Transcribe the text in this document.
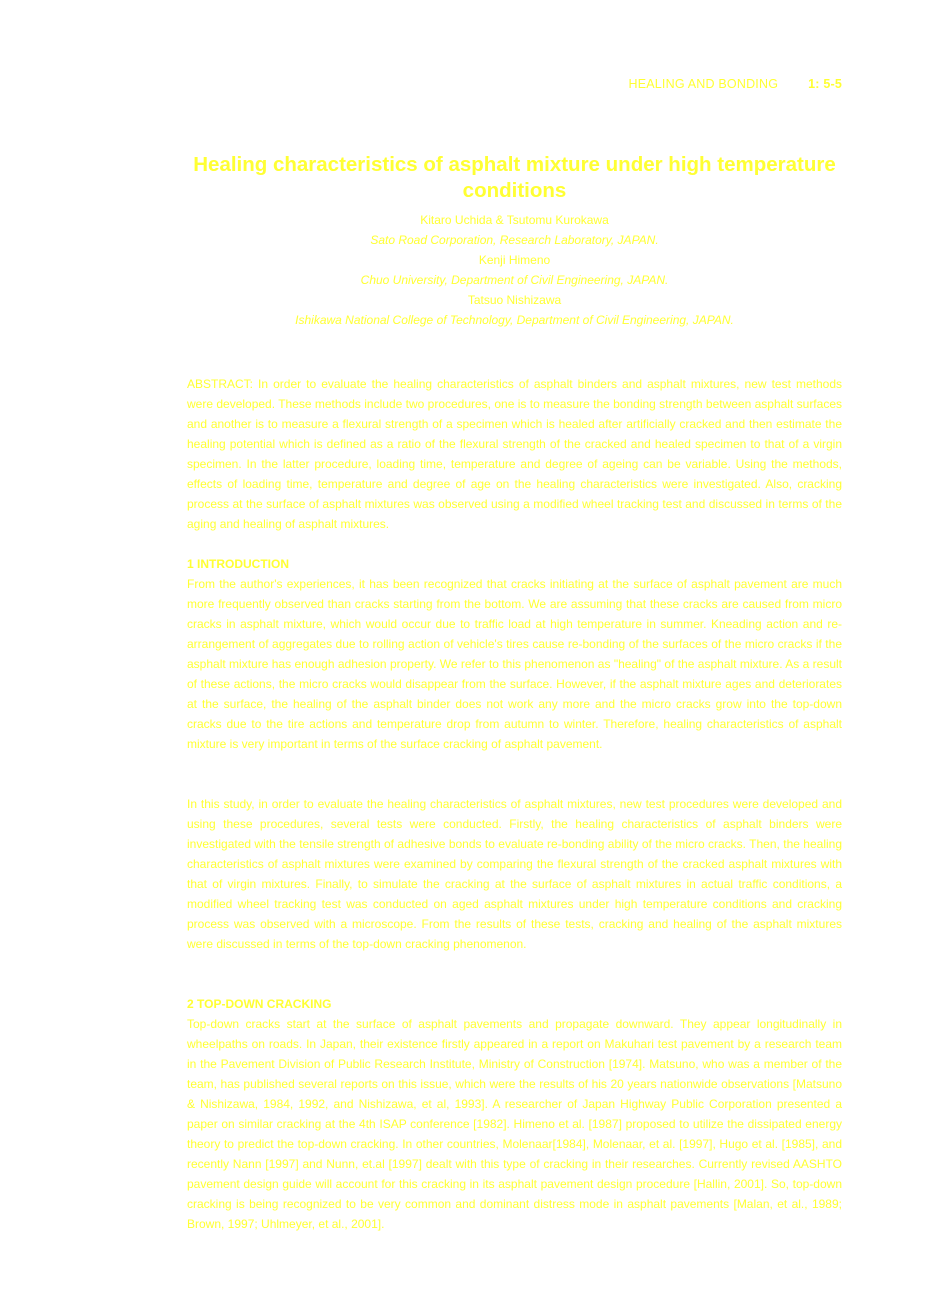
HEALING AND BONDING 1: 5-5
Healing characteristics of asphalt mixture under high temperature conditions
Kitaro Uchida & Tsutomu Kurokawa
Sato Road Corporation, Research Laboratory, JAPAN.
Kenji Himeno
Chuo University, Department of Civil Engineering, JAPAN.
Tatsuo Nishizawa
Ishikawa National College of Technology, Department of Civil Engineering, JAPAN.

ABSTRACT: In order to evaluate the healing characteristics of asphalt binders and asphalt mixtures, new test methods were developed. These methods include two procedures, one is to measure the bonding strength between asphalt surfaces and another is to measure a flexural strength of a specimen which is healed after artificially cracked and then estimate the healing potential which is defined as a ratio of the flexural strength of the cracked and healed specimen to that of a virgin specimen. In the latter procedure, loading time, temperature and degree of ageing can be variable. Using the methods, effects of loading time, temperature and degree of age on the healing characteristics were investigated. Also, cracking process at the surface of asphalt mixtures was observed using a modified wheel tracking test and discussed in terms of the aging and healing of asphalt mixtures.

1 INTRODUCTION

From the author's experiences, it has been recognized that cracks initiating at the surface of asphalt pavement are much more frequently observed than cracks starting from the bottom. We are assuming that these cracks are caused from micro cracks in asphalt mixture, which would occur due to traffic load at high temperature in summer. Kneading action and re-arrangement of aggregates due to rolling action of vehicle's tires cause re-bonding of the surfaces of the micro cracks if the asphalt mixture has enough adhesion property. We refer to this phenomenon as "healing" of the asphalt mixture. As a result of these actions, the micro cracks would disappear from the surface. However, if the asphalt mixture ages and deteriorates at the surface, the healing of the asphalt binder does not work any more and the micro cracks grow into the top-down cracks due to the tire actions and temperature drop from autumn to winter. Therefore, healing characteristics of asphalt mixture is very important in terms of the surface cracking of asphalt pavement.

In this study, in order to evaluate the healing characteristics of asphalt mixtures, new test procedures were developed and using these procedures, several tests were conducted. Firstly, the healing characteristics of asphalt binders were investigated with the tensile strength of adhesive bonds to evaluate re-bonding ability of the micro cracks. Then, the healing characteristics of asphalt mixtures were examined by comparing the flexural strength of the cracked asphalt mixtures with that of virgin mixtures. Finally, to simulate the cracking at the surface of asphalt mixtures in actual traffic conditions, a modified wheel tracking test was conducted on aged asphalt mixtures under high temperature conditions and cracking process was observed with a microscope. From the results of these tests, cracking and healing of the asphalt mixtures were discussed in terms of the top-down cracking phenomenon.

2 TOP-DOWN CRACKING

Top-down cracks start at the surface of asphalt pavements and propagate downward. They appear longitudinally in wheelpaths on roads. In Japan, their existence firstly appeared in a report on Makuhari test pavement by a research team in the Pavement Division of Public Research Institute, Ministry of Construction [1974]. Matsuno, who was a member of the team, has published several reports on this issue, which were the results of his 20 years nationwide observations [Matsuno & Nishizawa, 1984, 1992, and Nishizawa, et al, 1993]. A researcher of Japan Highway Public Corporation presented a paper on similar cracking at the 4th ISAP conference [1982]. Himeno et al. [1987] proposed to utilize the dissipated energy theory to predict the top-down cracking. In other countries, Molenaar[1984], Molenaar, et al. [1997], Hugo et al. [1985], and recently Nann [1997] and Nunn, et.al [1997] dealt with this type of cracking in their researches. Currently revised AASHTO pavement design guide will account for this cracking in its asphalt pavement design procedure [Hallin, 2001]. So, top-down cracking is being recognized to be very common and dominant distress mode in asphalt pavements [Malan, et al., 1989; Brown, 1997; Uhlmeyer, et al., 2001].
